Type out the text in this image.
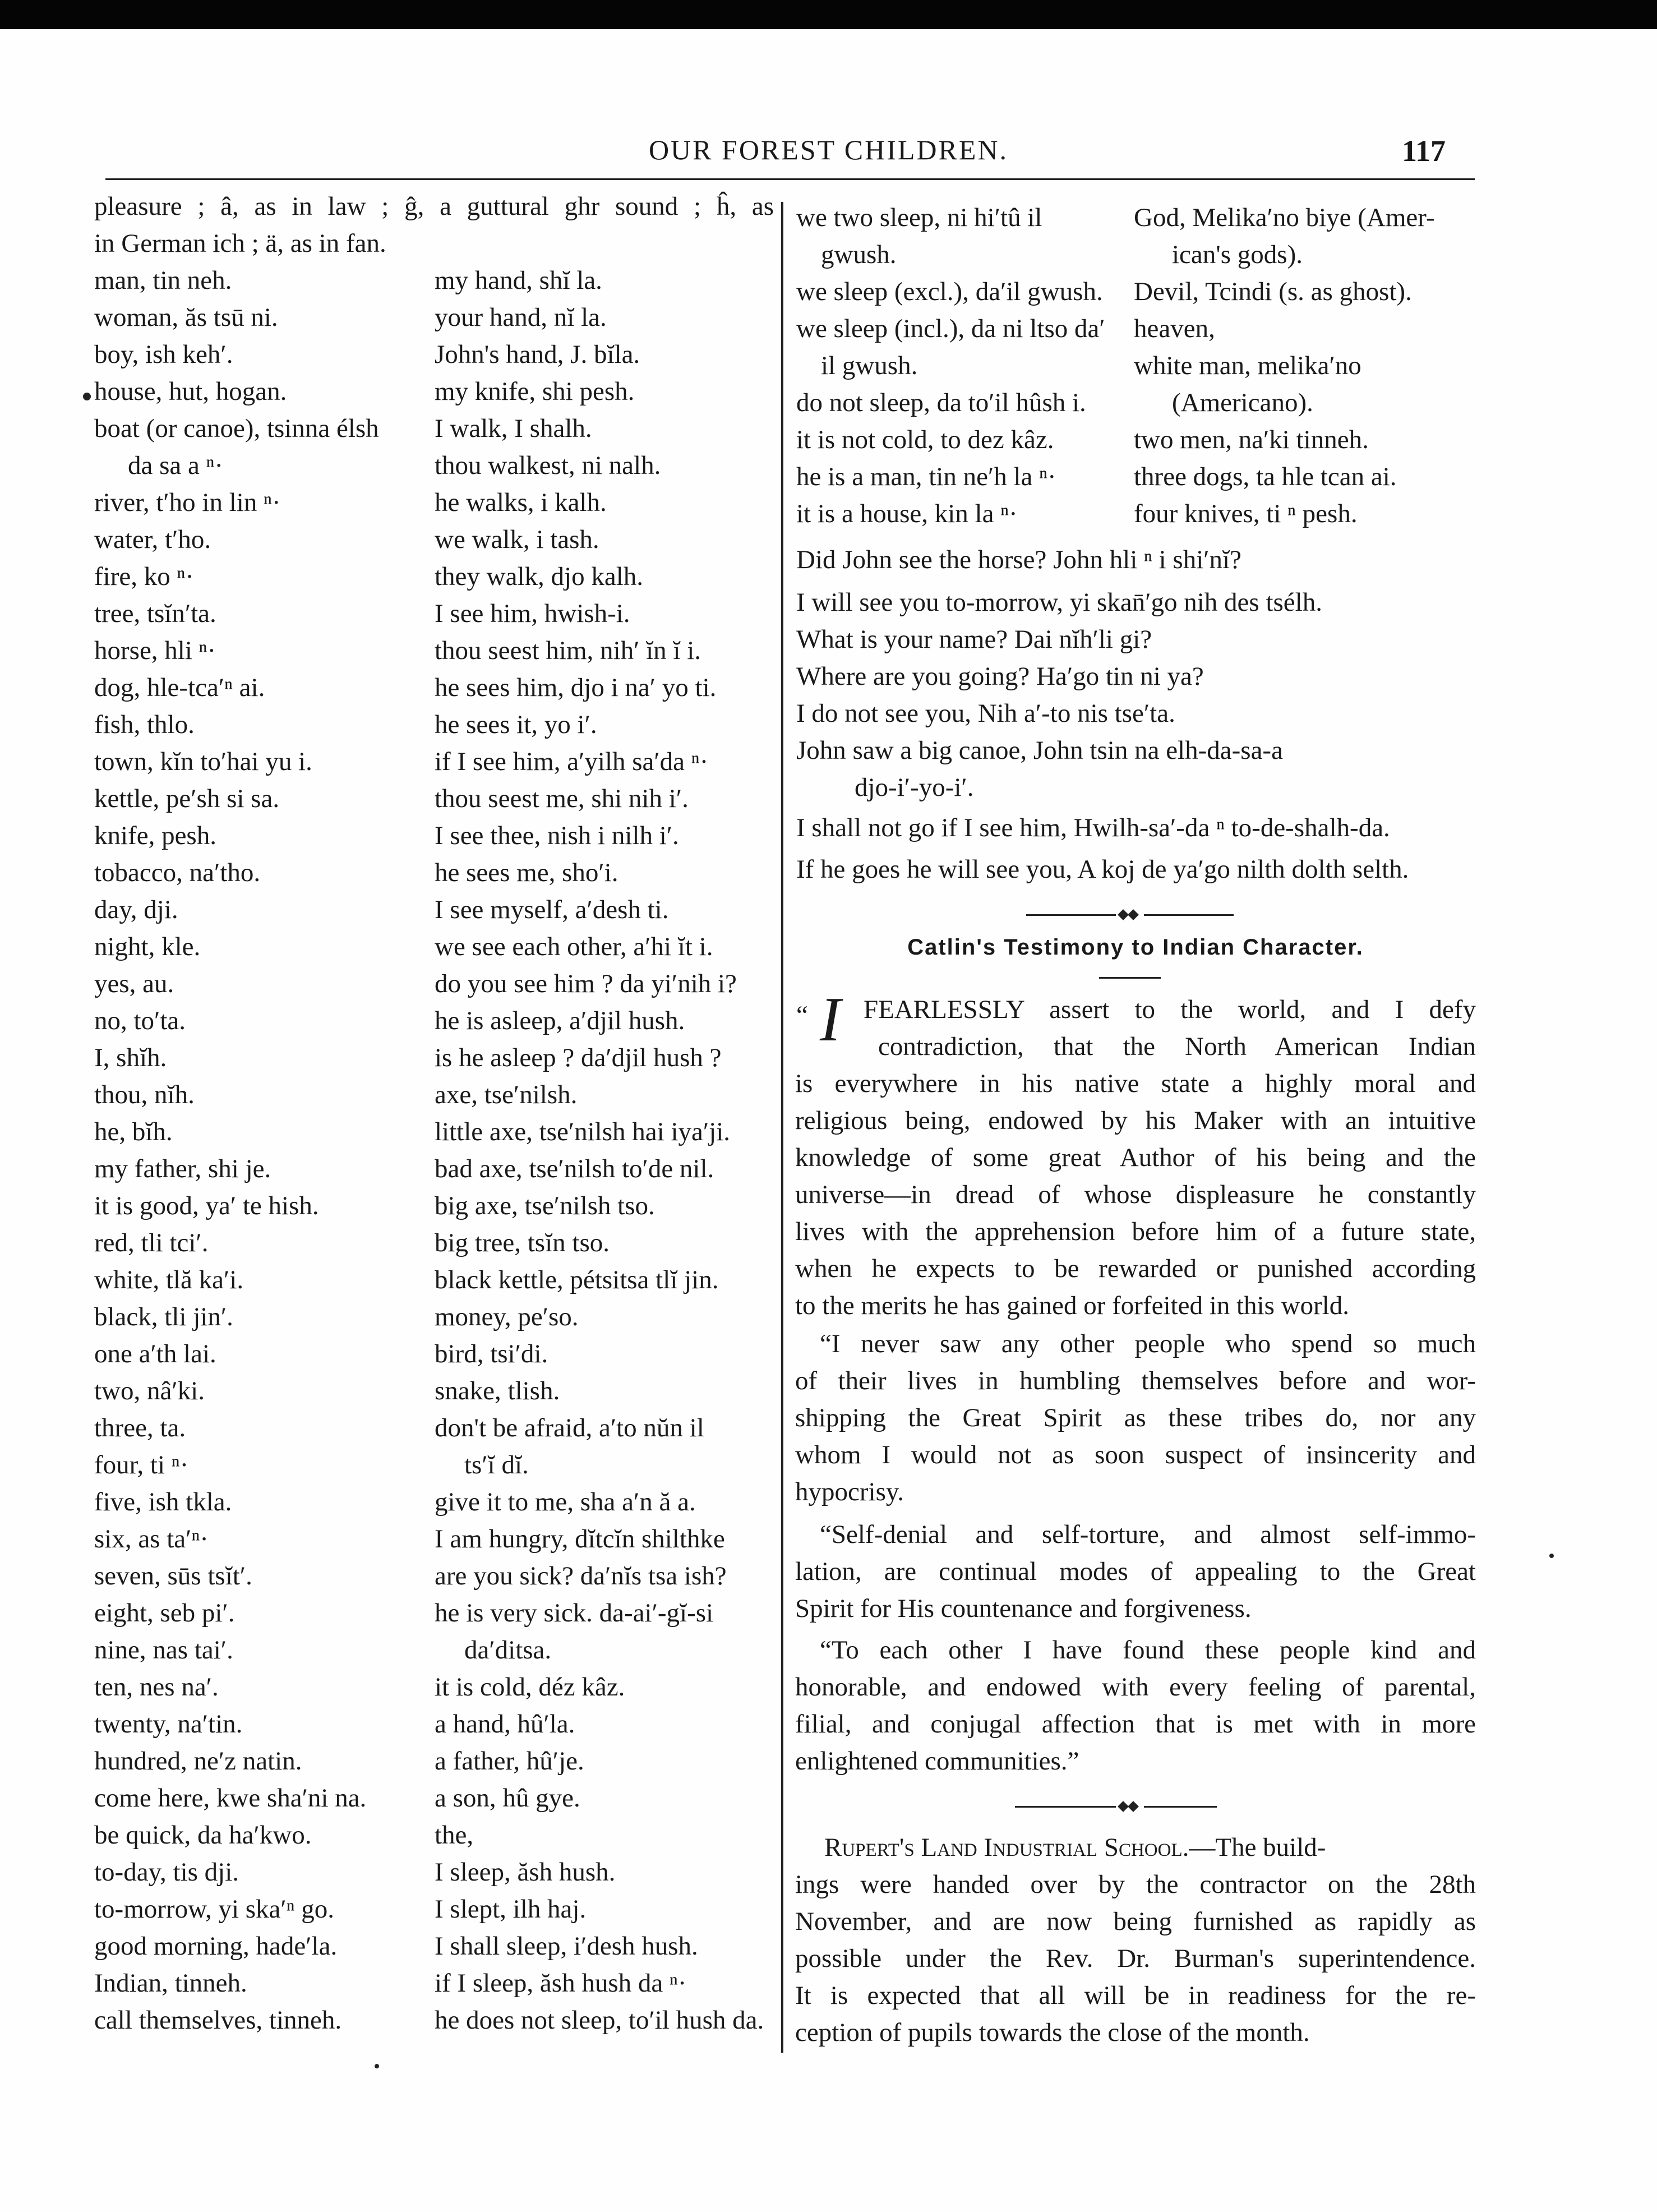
OUR FOREST CHILDREN.	117
pleasure ; â, as in law ; ĝ, a guttural ghr sound ; ĥ, as
in German ich ; ä, as in fan.
man, tin neh.
woman, ăs tsū ni.
boy, ish keh′.
house, hut, hogan.
boat (or canoe), tsinna élsh
da sa a ⁿ·
river, t′ho in lin ⁿ·
water, t′ho.
fire, ko ⁿ·
tree, tsĭn′ta.
horse, hli ⁿ·
dog, hle-tca′ⁿ ai.
fish, thlo.
town, kĭn to′hai yu i.
kettle, pe′sh si sa.
knife, pesh.
tobacco, na′tho.
day, dji.
night, kle.
yes, au.
no, to′ta.
I, shĭh.
thou, nĭh.
he, bĭh.
my father, shi je.
it is good, ya′ te hish.
red, tli tci′.
white, tlă ka′i.
black, tli jin′.
one a′th lai.
two, nâ′ki.
three, ta.
four, ti ⁿ·
five, ish tkla.
six, as ta′ⁿ·
seven, sūs tsĭt′.
eight, seb pi′.
nine, nas tai′.
ten, nes na′.
twenty, na′tin.
hundred, ne′z natin.
come here, kwe sha′ni na.
be quick, da ha′kwo.
to-day, tis dji.
to-morrow, yi ska′ⁿ go.
good morning, hade′la.
Indian, tinneh.
call themselves, tinneh.
my hand, shĭ la.
your hand, nĭ la.
John's hand, J. bĭla.
my knife, shi pesh.
I walk, I shalh.
thou walkest, ni nalh.
he walks, i kalh.
we walk, i tash.
they walk, djo kalh.
I see him, hwish-i.
thou seest him, nih′ ĭn ĭ i.
he sees him, djo i na′ yo ti.
he sees it, yo i′.
if I see him, a′yilh sa′da ⁿ·
thou seest me, shi nih i′.
I see thee, nish i nilh i′.
he sees me, sho′i.
I see myself, a′desh ti.
we see each other, a′hi ĭt i.
do you see him ? da yi′nih i?
he is asleep, a′djil hush.
is he asleep ? da′djil hush ?
axe, tse′nilsh.
little axe, tse′nilsh hai iya′ji.
bad axe, tse′nilsh to′de nil.
big axe, tse′nilsh tso.
big tree, tsĭn tso.
black kettle, pétsitsa tlĭ jin.
money, pe′so.
bird, tsi′di.
snake, tlish.
don't be afraid, a′to nŭn il
ts′ĭ dĭ.
give it to me, sha a′n ă a.
I am hungry, dĭtcĭn shilthke
are you sick? da′nĭs tsa ish?
he is very sick. da-ai′-gĭ-si
da′ditsa.
it is cold, déz kâz.
a hand, hû′la.
a father, hû′je.
a son, hû gye.
the,
I sleep, ăsh hush.
I slept, ilh haj.
I shall sleep, i′desh hush.
if I sleep, ăsh hush da ⁿ·
he does not sleep, to′il hush da.
we two sleep, ni hi′tû il
gwush.
we sleep (excl.), da′il gwush.
we sleep (incl.), da ni ltso da′
il gwush.
do not sleep, da to′il hûsh i.
it is not cold, to dez kâz.
he is a man, tin ne′h la ⁿ·
it is a house, kin la ⁿ·
God, Melika′no biye (Amer-
ican's gods).
Devil, Tcindi (s. as ghost).
heaven,
white man, melika′no
(Americano).
two men, na′ki tinneh.
three dogs, ta hle tcan ai.
four knives, ti ⁿ pesh.
Did John see the horse? John hli ⁿ i shi′nĭ?
I will see you to-morrow, yi skan̄′go nih des tsélh.
What is your name? Dai nĭh′li gi?
Where are you going? Ha′go tin ni ya?
I do not see you, Nih a′-to nis tse′ta.
John saw a big canoe, John tsin na elh-da-sa-a
djo-i′-yo-i′.
I shall not go if I see him, Hwilh-sa′-da ⁿ to-de-shalh-da.
If he goes he will see you, A koj de ya′go nilth dolth selth.
Catlin's Testimony to Indian Character.
“ I FEARLESSLY assert to the world, and I defy
contradiction, that the North American Indian
is everywhere in his native state a highly moral and
religious being, endowed by his Maker with an intuitive
knowledge of some great Author of his being and the
universe—in dread of whose displeasure he constantly
lives with the apprehension before him of a future state,
when he expects to be rewarded or punished according
to the merits he has gained or forfeited in this world.
“I never saw any other people who spend so much
of their lives in humbling themselves before and wor-
shipping the Great Spirit as these tribes do, nor any
whom I would not as soon suspect of insincerity and
hypocrisy.
“Self-denial and self-torture, and almost self-immo-
lation, are continual modes of appealing to the Great
Spirit for His countenance and forgiveness.
“To each other I have found these people kind and
honorable, and endowed with every feeling of parental,
filial, and conjugal affection that is met with in more
enlightened communities.”
Rupert's Land Industrial School.—The build-
ings were handed over by the contractor on the 28th
November, and are now being furnished as rapidly as
possible under the Rev. Dr. Burman's superintendence.
It is expected that all will be in readiness for the re-
ception of pupils towards the close of the month.
